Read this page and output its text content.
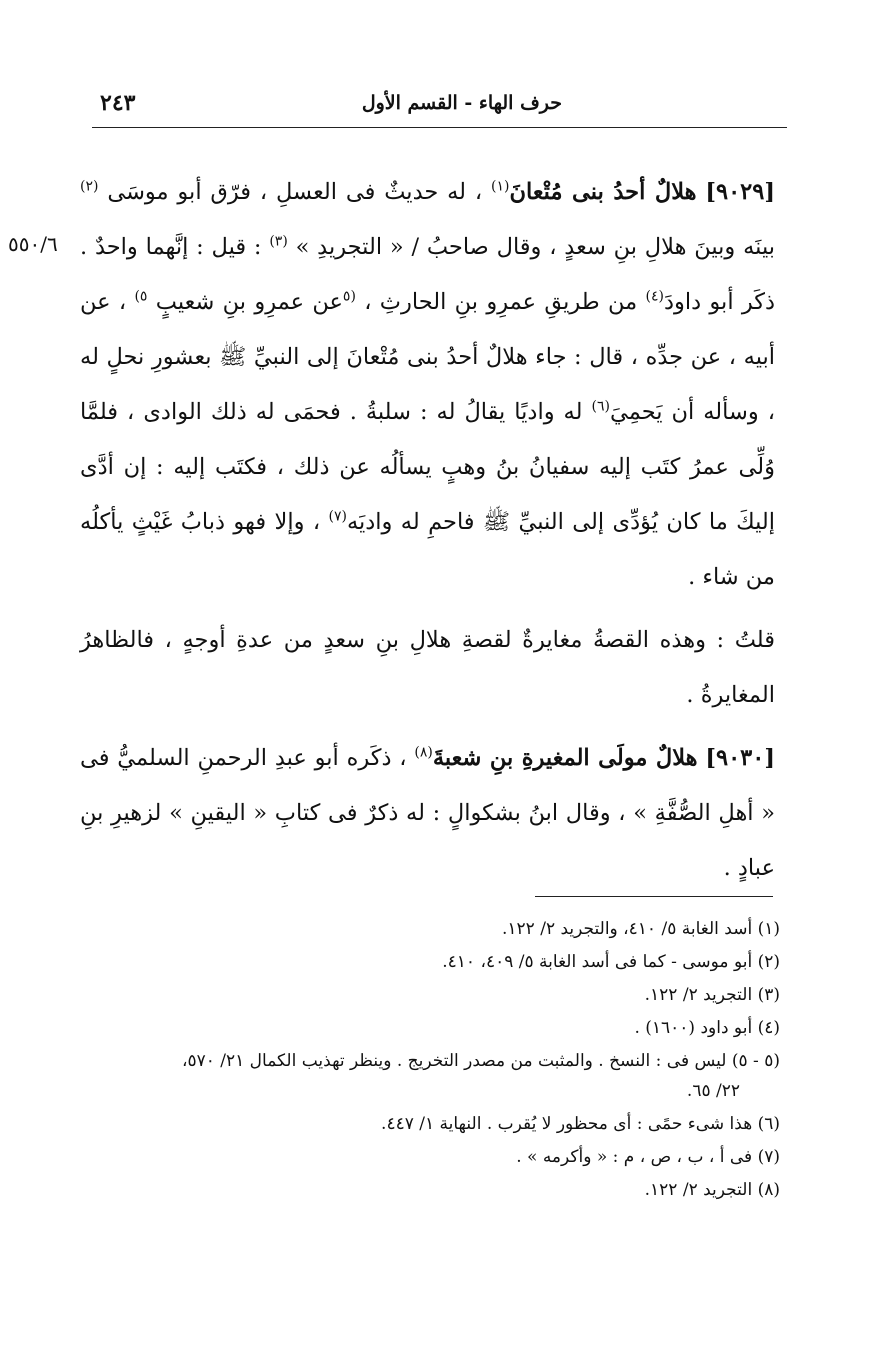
حرف الهاء - القسم الأول
٢٤٣
٥٥٠/٦

[٩٠٢٩] هلالٌ أحدُ بنى مُتْعانَ$^{(١)}$ ، له حديثٌ فى العسلِ ، فرّق أبو موسَى $^{(٢)}$ بينَه وبينَ هلالِ بنِ سعدٍ ، وقال صاحبُ / « التجريدِ » $^{(٣)}$ : قيل : إنَّهما واحدٌ . ذكَر أبو داودَ$^{(٤)}$ من طريقِ عمرِو بنِ الحارثِ ، $^{(٥}$عن عمرِو بنِ شعيبٍ $^{٥)}$ ، عن أبيه ، عن جدِّه ، قال : جاء هلالٌ أحدُ بنى مُتْعانَ إلى النبيِّ ﷺ بعشورِ نحلٍ له ، وسأله أن يَحمِيَ$^{(٦)}$ له واديًا يقالُ له : سلبةُ . فحمَى له ذلك الوادى ، فلمَّا وُلِّى عمرُ كتَب إليه سفيانُ بنُ وهبٍ يسألُه عن ذلك ، فكتَب إليه : إن أدَّى إليكَ ما كان يُؤدِّى إلى النبيِّ ﷺ فاحمِ له واديَه$^{(٧)}$ ، وإلا فهو ذبابُ غَيْثٍ يأكلُه من شاء .

قلتُ : وهذه القصةُ مغايرةٌ لقصةِ هلالِ بنِ سعدٍ من عدةِ أوجهٍ ، فالظاهرُ المغايرةُ .

[٩٠٣٠] هلالٌ مولَى المغيرةِ بنِ شعبةَ$^{(٨)}$ ، ذكَره أبو عبدِ الرحمنِ السلميُّ فى « أهلِ الصُّفَّةِ » ، وقال ابنُ بشكوالٍ : له ذكرٌ فى كتابِ « اليقينِ » لزهيرِ بنِ عبادٍ .

(١) أسد الغابة ٥/ ٤١٠، والتجريد ٢/ ١٢٢.
(٢) أبو موسى - كما فى أسد الغابة ٥/ ٤٠٩، ٤١٠.
(٣) التجريد ٢/ ١٢٢.
(٤) أبو داود (١٦٠٠) .
(٥ - ٥) ليس فى : النسخ . والمثبت من مصدر التخريج . وينظر تهذيب الكمال ٢١/ ٥٧٠،
٢٢/ ٦٥.
(٦) هذا شىء حمًى : أى محظور لا يُقرب . النهاية ١/ ٤٤٧.
(٧) فى أ ، ب ، ص ، م : « وأكرمه » .
(٨) التجريد ٢/ ١٢٢.
